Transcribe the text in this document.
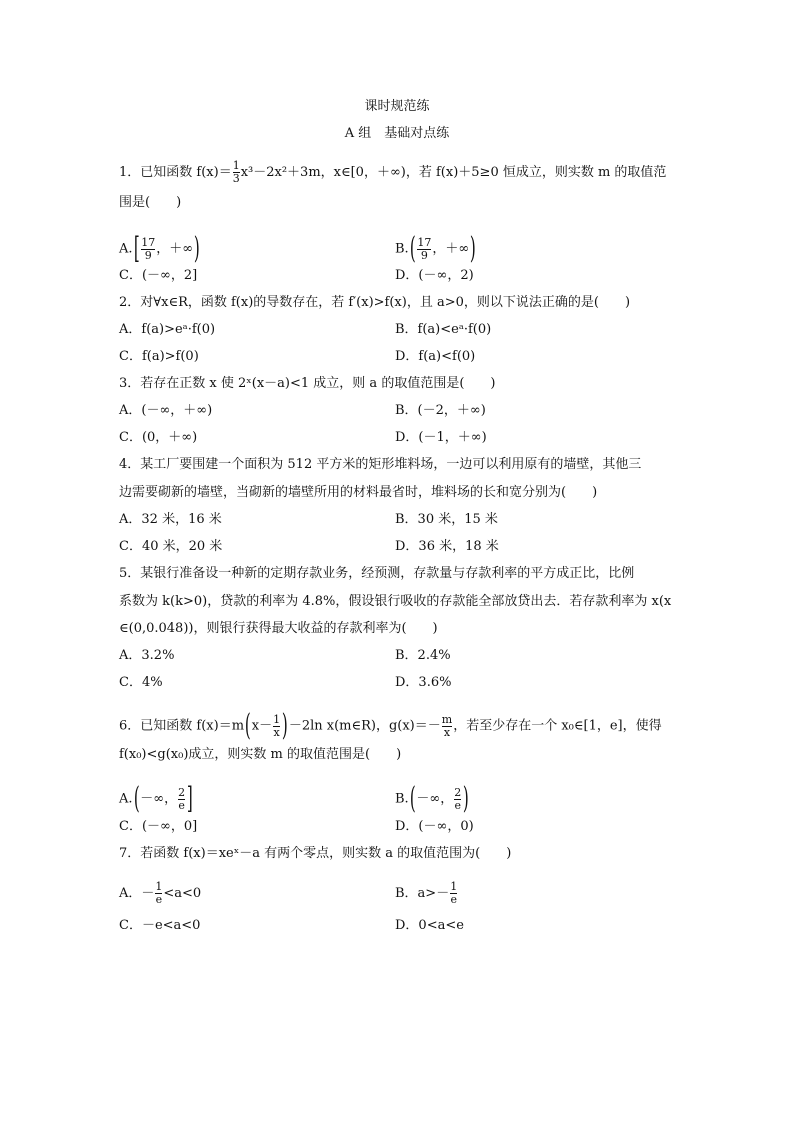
课时规范练
A 组　基础对点练
1．已知函数 $f(x)= \frac{1}{3} x^3-2x^2+3m$，x∈[0，＋∞)，若 f(x)＋5≥0 恒成立，则实数 m 的取值范
围是(　　)
$A.[ \frac{17}{9}$ ，＋∞)	$B.( \frac{17}{9}$ ，＋∞)
C．(－∞，2]	D．(－∞，2)
2．对∀x∈R，函数 f(x)的导数存在，若 f′(x)>f(x)，且 a>0，则以下说法正确的是(　　)
A．f(a)>eᵃ·f(0)	B．f(a)<eᵃ·f(0)
C．f(a)>f(0)	D．f(a)<f(0)
3．若存在正数 x 使 2ˣ(x－a)<1 成立，则 a 的取值范围是(　　)
A．(－∞，＋∞)	B．(－2，＋∞)
C．(0，＋∞)	D．(－1，＋∞)
4．某工厂要围建一个面积为 512 平方米的矩形堆料场，一边可以利用原有的墙壁，其他三
边需要砌新的墙壁，当砌新的墙壁所用的材料最省时，堆料场的长和宽分别为(　　)
A．32 米，16 米	B．30 米，15 米
C．40 米，20 米	D．36 米，18 米
5．某银行准备设一种新的定期存款业务，经预测，存款量与存款利率的平方成正比，比例
系数为 k(k>0)，贷款的利率为 4.8%，假设银行吸收的存款能全部放贷出去．若存款利率为 x(x
∈(0,0.048))，则银行获得最大收益的存款利率为(　　)
A．3.2%	B．2.4%
C．4%	D．3.6%
6．已知函数 $f(x)=m(x- \frac{1}{x} )-2\ln$ x(m∈R)，$g(x)=- \frac{m}{x}$ ，若至少存在一个 x₀∈[1，e]，使得
f(x₀)<g(x₀)成立，则实数 m 的取值范围是(　　)
A.(－∞， $\frac{2}{e}$ ]	B.(－∞， $\frac{2}{e}$ )
C．(－∞，0]	D．(－∞，0)
7．若函数 f(x)＝xeˣ－a 有两个零点，则实数 a 的取值范围为(　　)
A．－ $\frac{1}{e} <a<0$	B．$a>- \frac{1}{e}$
C．－e<a<0	D．0<a<e
